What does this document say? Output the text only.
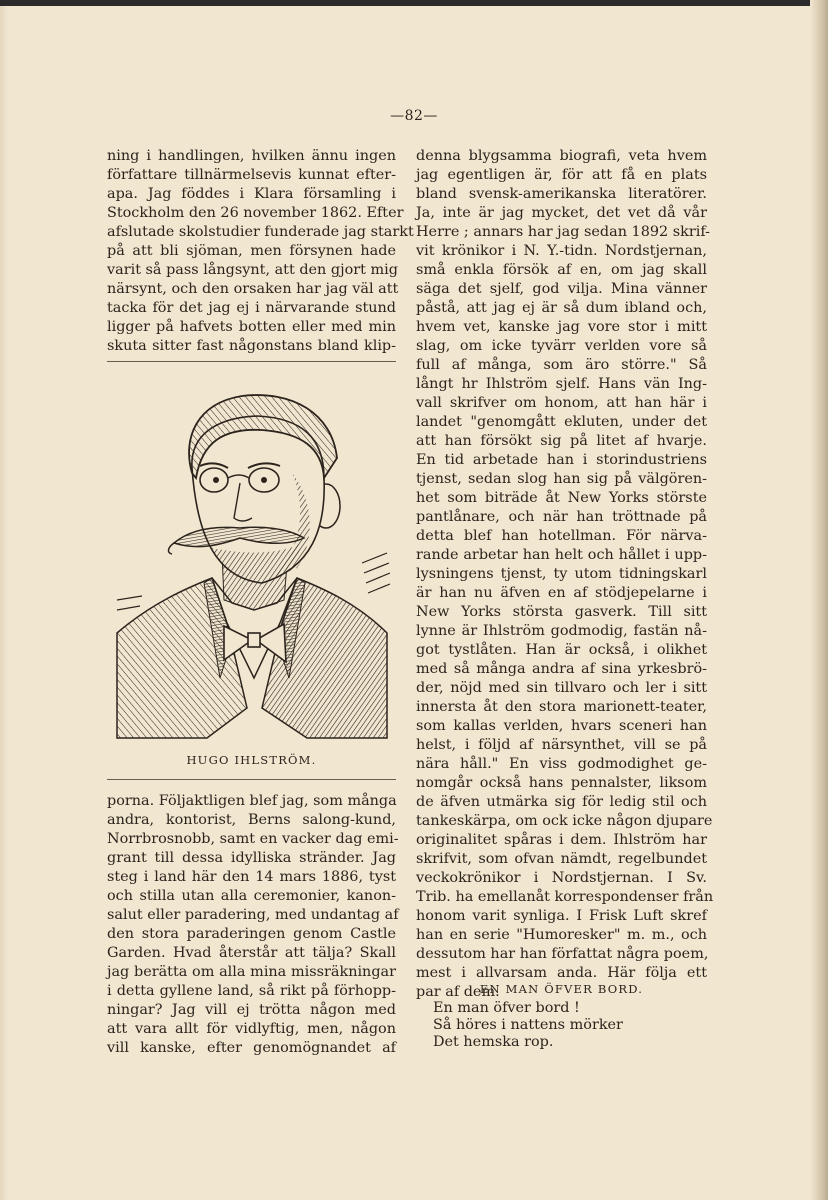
—82—
ning i handlingen, hvilken ännu ingen
författare tillnärmelsevis kunnat efter-
apa. Jag föddes i Klara församling i
Stockholm den 26 november 1862. Efter
afslutade skolstudier funderade jag starkt
på att bli sjöman, men försynen hade
varit så pass långsynt, att den gjort mig
närsynt, och den orsaken har jag väl att
tacka för det jag ej i närvarande stund
ligger på hafvets botten eller med min
skuta sitter fast någonstans bland klip-
HUGO IHLSTRÖM.
porna. Följaktligen blef jag, som många
andra, kontorist, Berns salong-kund,
Norrbrosnobb, samt en vacker dag emi-
grant till dessa idylliska stränder. Jag
steg i land här den 14 mars 1886, tyst
och stilla utan alla ceremonier, kanon-
salut eller paradering, med undantag af
den stora paraderingen genom Castle
Garden. Hvad återstår att tälja? Skall
jag berätta om alla mina missräkningar
i detta gyllene land, så rikt på förhopp-
ningar? Jag vill ej trötta någon med
att vara allt för vidlyftig, men, någon
vill kanske, efter genomögnandet af
denna blygsamma biografi, veta hvem
jag egentligen är, för att få en plats
bland svensk-amerikanska literatörer.
Ja, inte är jag mycket, det vet då vår
Herre ; annars har jag sedan 1892 skrif-
vit krönikor i N. Y.-tidn. Nordstjernan,
små enkla försök af en, om jag skall
säga det sjelf, god vilja. Mina vänner
påstå, att jag ej är så dum ibland och,
hvem vet, kanske jag vore stor i mitt
slag, om icke tyvärr verlden vore så
full af många, som äro större." Så
långt hr Ihlström sjelf. Hans vän Ing-
vall skrifver om honom, att han här i
landet "genomgått ekluten, under det
att han försökt sig på litet af hvarje.
En tid arbetade han i storindustriens
tjenst, sedan slog han sig på välgören-
het som biträde åt New Yorks störste
pantlånare, och när han tröttnade på
detta blef han hotellman. För närva-
rande arbetar han helt och hållet i upp-
lysningens tjenst, ty utom tidningskarl
är han nu äfven en af stödjepelarne i
New Yorks största gasverk. Till sitt
lynne är Ihlström godmodig, fastän nå-
got tystlåten. Han är också, i olikhet
med så många andra af sina yrkesbrö-
der, nöjd med sin tillvaro och ler i sitt
innersta åt den stora marionett-teater,
som kallas verlden, hvars sceneri han
helst, i följd af närsynthet, vill se på
nära håll." En viss godmodighet ge-
nomgår också hans pennalster, liksom
de äfven utmärka sig för ledig stil och
tankeskärpa, om ock icke någon djupare
originalitet spåras i dem. Ihlström har
skrifvit, som ofvan nämdt, regelbundet
veckokrönikor i Nordstjernan. I Sv.
Trib. ha emellanåt korrespondenser från
honom varit synliga. I Frisk Luft skref
han en serie "Humoresker" m. m., och
dessutom har han författat några poem,
mest i allvarsam anda. Här följa ett
par af dem.
EN MAN ÖFVER BORD.
En man öfver bord !
Så höres i nattens mörker
Det hemska rop.
